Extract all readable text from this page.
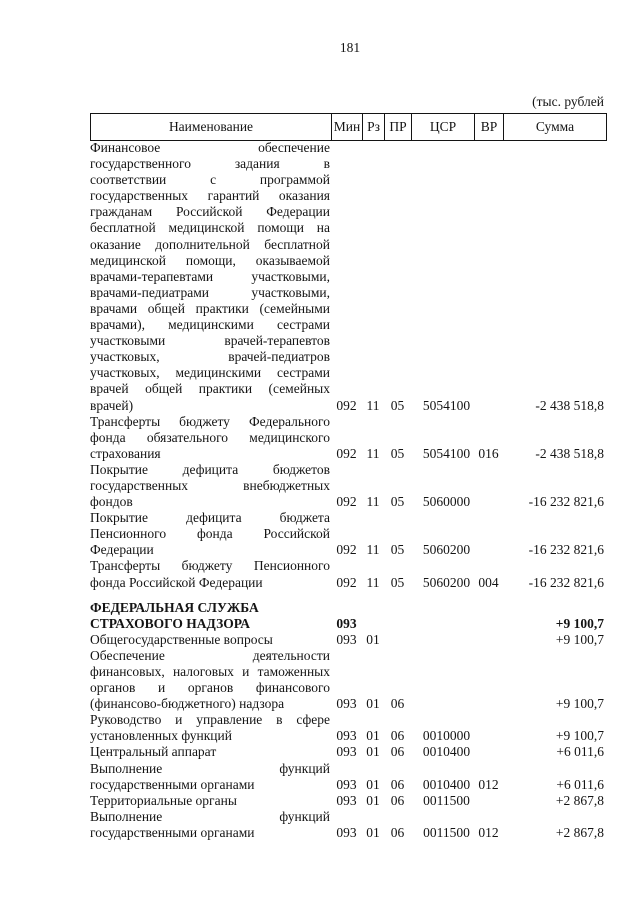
181
(тыс. рублей
Наименование	Мин Рз ПР	ЦСР	ВР	Сумма
Финансовое обеспечение
государственного задания в
соответствии с программой
государственных гарантий оказания
гражданам Российской Федерации
бесплатной медицинской помощи на
оказание дополнительной бесплатной
медицинской помощи, оказываемой
врачами-терапевтами участковыми,
врачами-педиатрами участковыми,
врачами общей практики (семейными
врачами), медицинскими сестрами
участковыми врачей-терапевтов
участковых, врачей-педиатров
участковых, медицинскими сестрами
врачей общей практики (семейных
врачей)	092 11 05	5054100	-2 438 518,8
Трансферты бюджету Федерального
фонда обязательного медицинского
страхования	092 11 05	5054100 016	-2 438 518,8
Покрытие дефицита бюджетов
государственных внебюджетных
фондов	092 11 05	5060000	-16 232 821,6
Покрытие дефицита бюджета
Пенсионного фонда Российской
Федерации	092 11 05	5060200	-16 232 821,6
Трансферты бюджету Пенсионного
фонда Российской Федерации	092 11 05	5060200 004	-16 232 821,6
ФЕДЕРАЛЬНАЯ СЛУЖБА
СТРАХОВОГО НАДЗОРА	093	+9 100,7
Общегосударственные вопросы	093 01	+9 100,7
Обеспечение деятельности
финансовых, налоговых и таможенных
органов и органов финансового
(финансово-бюджетного) надзора	093 01 06	+9 100,7
Руководство и управление в сфере
установленных функций	093 01 06	0010000	+9 100,7
Центральный аппарат	093 01 06	0010400	+6 011,6
Выполнение функций
государственными органами	093 01 06	0010400 012	+6 011,6
Территориальные органы	093 01 06	0011500	+2 867,8
Выполнение функций
государственными органами	093 01 06	0011500 012	+2 867,8
